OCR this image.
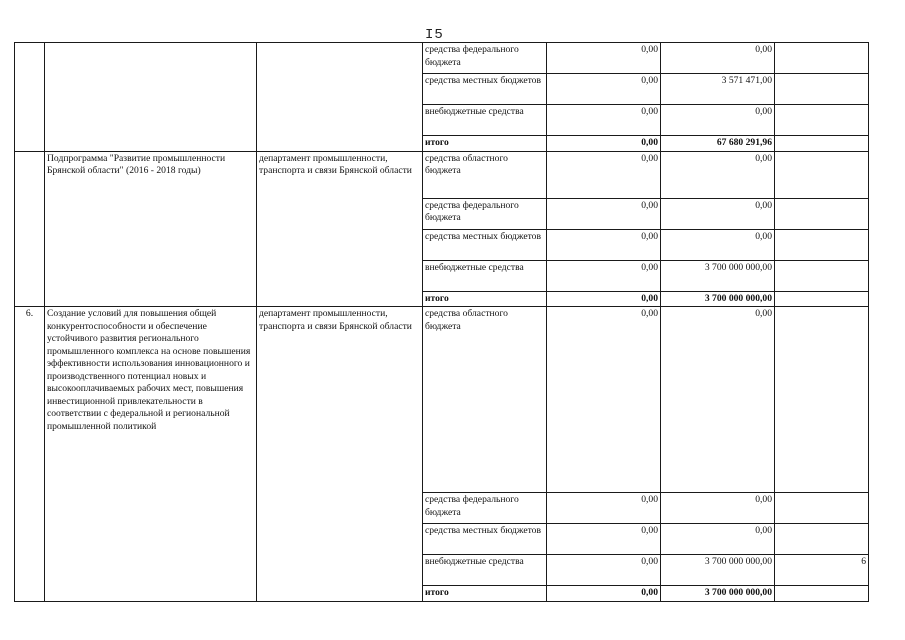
I5
			средства федерального бюджета	0,00	0,00	
			средства местных бюджетов	0,00	3 571 471,00	
			внебюджетные средства	0,00	0,00	
			итого	0,00	67 680 291,96	
	Подпрограмма "Развитие промышленности Брянской области" (2016 - 2018 годы)	департамент промышленности, транспорта и связи Брянской области	средства областного бюджета	0,00	0,00	
			средства федерального бюджета	0,00	0,00	
			средства местных бюджетов	0,00	0,00	
			внебюджетные средства	0,00	3 700 000 000,00	
			итого	0,00	3 700 000 000,00	
6.	Создание условий для повышения общей конкурентоспособности и обеспечение устойчивого развития регионального промышленного комплекса на основе повышения эффективности использования инновационного и производственного потенциал новых и высокооплачиваемых рабочих мест, повышения инвестиционной привлекательности в соответствии с федеральной и региональной промышленной политикой	департамент промышленности, транспорта и связи Брянской области	средства областного бюджета	0,00	0,00	
			средства федерального бюджета	0,00	0,00	
			средства местных бюджетов	0,00	0,00	
			внебюджетные средства	0,00	3 700 000 000,00	6
			итого	0,00	3 700 000 000,00	
